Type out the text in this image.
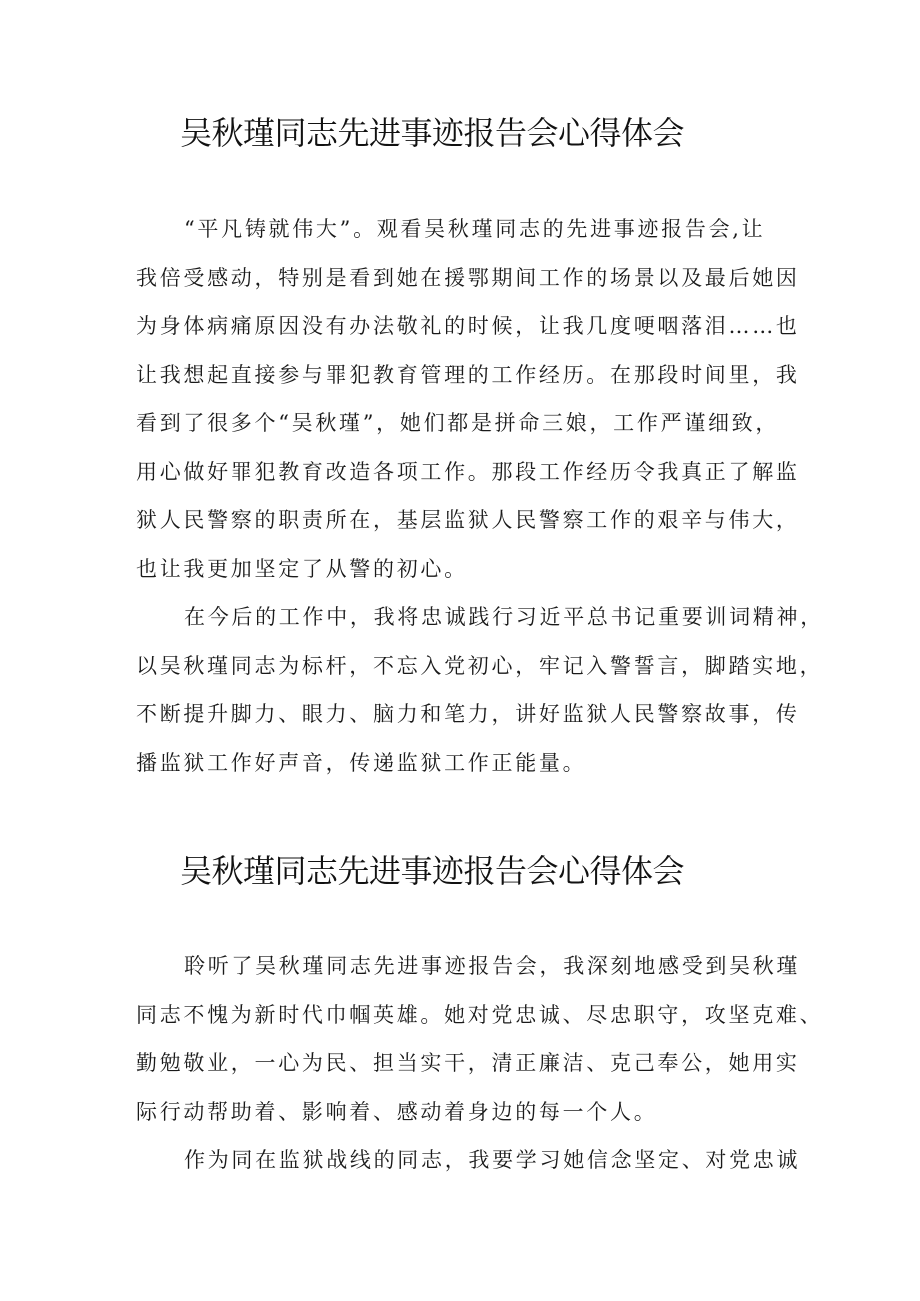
吴秋瑾同志先进事迹报告会心得体会
“平凡铸就伟大”。观看吴秋瑾同志的先进事迹报告会,让
我倍受感动，特别是看到她在援鄂期间工作的场景以及最后她因
为身体病痛原因没有办法敬礼的时候，让我几度哽咽落泪……也
让我想起直接参与罪犯教育管理的工作经历。在那段时间里，我
看到了很多个“吴秋瑾”，她们都是拼命三娘，工作严谨细致，
用心做好罪犯教育改造各项工作。那段工作经历令我真正了解监
狱人民警察的职责所在，基层监狱人民警察工作的艰辛与伟大，
也让我更加坚定了从警的初心。
在今后的工作中，我将忠诚践行习近平总书记重要训词精神，
以吴秋瑾同志为标杆，不忘入党初心，牢记入警誓言，脚踏实地，
不断提升脚力、眼力、脑力和笔力，讲好监狱人民警察故事，传
播监狱工作好声音，传递监狱工作正能量。
吴秋瑾同志先进事迹报告会心得体会
聆听了吴秋瑾同志先进事迹报告会，我深刻地感受到吴秋瑾
同志不愧为新时代巾帼英雄。她对党忠诚、尽忠职守，攻坚克难、
勤勉敬业，一心为民、担当实干，清正廉洁、克己奉公，她用实
际行动帮助着、影响着、感动着身边的每一个人。
作为同在监狱战线的同志，我要学习她信念坚定、对党忠诚
